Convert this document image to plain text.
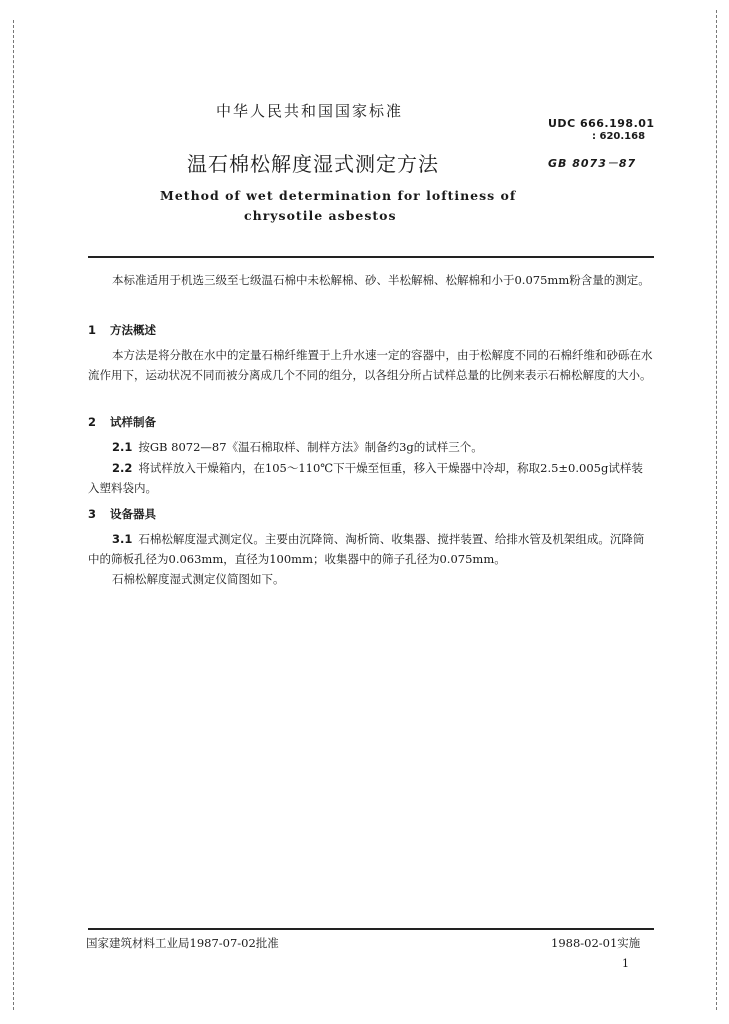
中华人民共和国国家标准
UDC 666.198.01
: 620.168
温石棉松解度湿式测定方法	GB 8073－87
Method of wet determination for loftiness of
chrysotile asbestos
本标准适用于机选三级至七级温石棉中未松解棉、砂、半松解棉、松解棉和小于0.075mm粉含量的测定。
1 方法概述
本方法是将分散在水中的定量石棉纤维置于上升水速一定的容器中，由于松解度不同的石棉纤维和砂砾在水流作用下，运动状况不同而被分离成几个不同的组分，以各组分所占试样总量的比例来表示石棉松解度的大小。
2 试样制备
2.1 按GB 8072—87《温石棉取样、制样方法》制备约3g的试样三个。
2.2 将试样放入干燥箱内，在105～110℃下干燥至恒重，移入干燥器中冷却，称取2.5±0.005g试样装入塑料袋内。
3 设备器具
3.1 石棉松解度湿式测定仪。主要由沉降筒、淘析筒、收集器、搅拌装置、给排水管及机架组成。沉降筒中的筛板孔径为0.063mm，直径为100mm；收集器中的筛子孔径为0.075mm。
石棉松解度湿式测定仪简图如下。
国家建筑材料工业局1987-07-02批准	1988-02-01实施
1
